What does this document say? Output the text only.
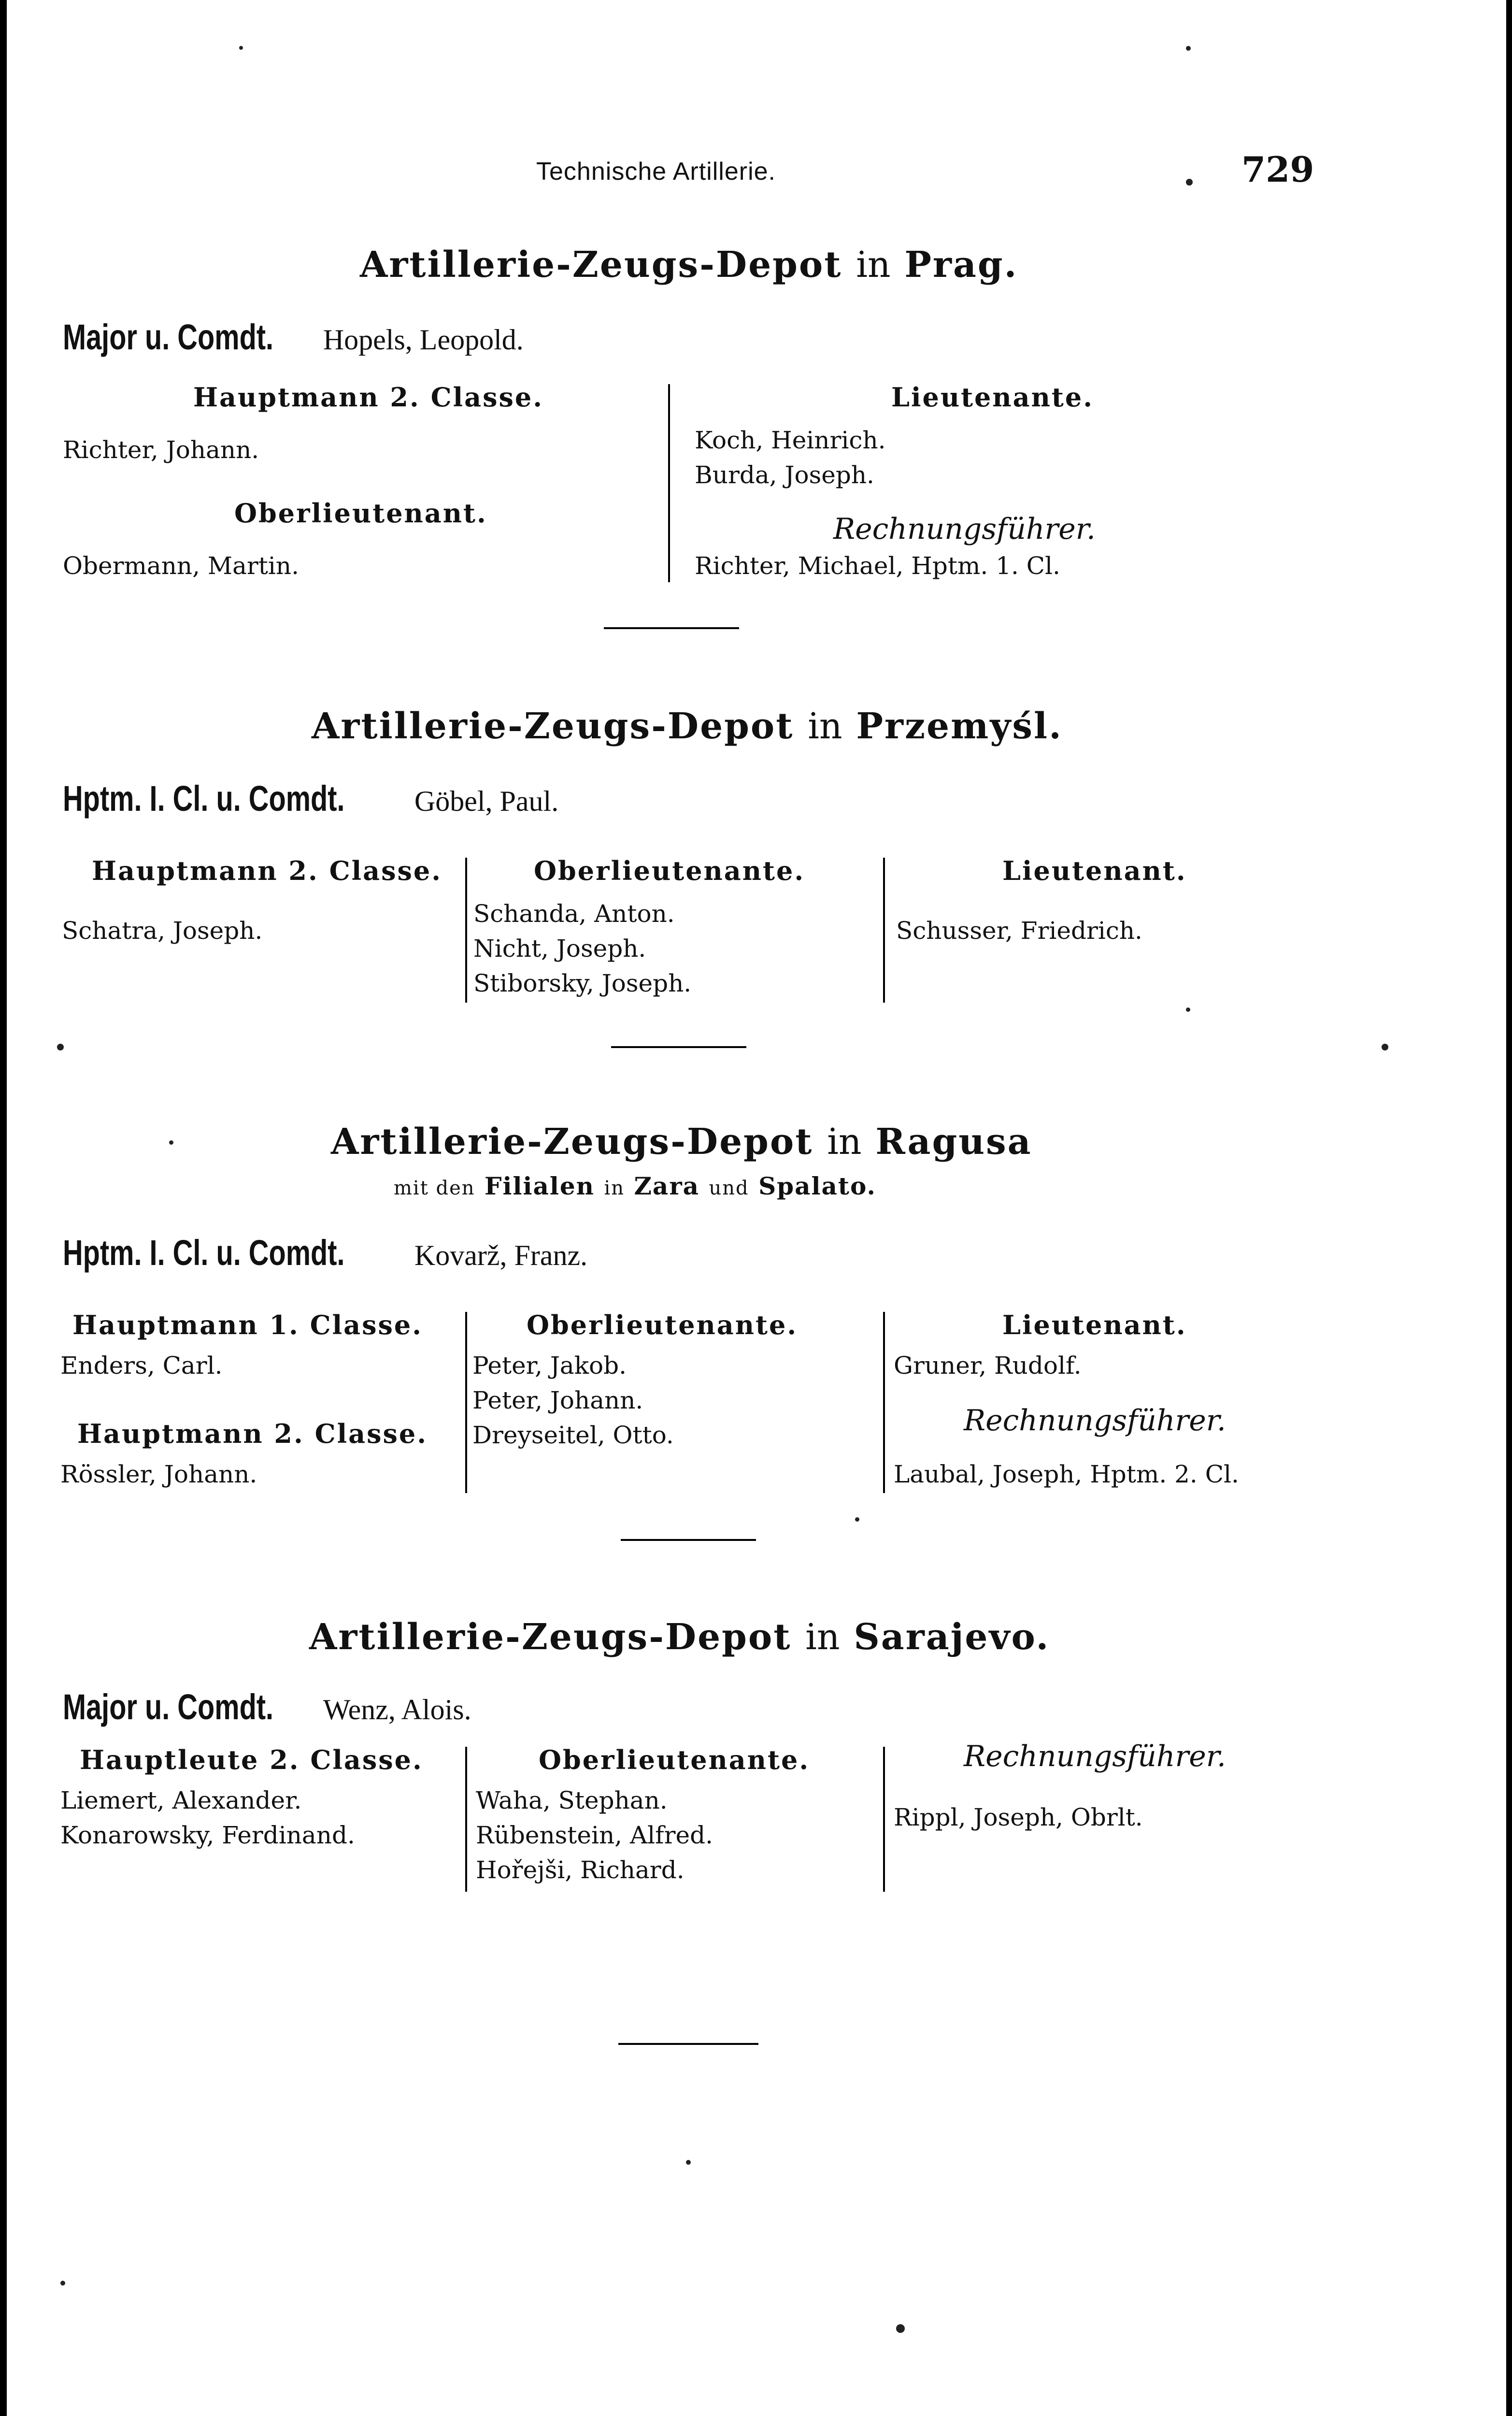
Technische Artillerie.	729
Artillerie-Zeugs-Depot in Prag.
Major u. Comdt. Hopels, Leopold.
Hauptmann 2. Classe.
Richter, Johann.
Oberlieutenant.
Obermann, Martin.
Lieutenante.
Koch, Heinrich.
Burda, Joseph.
Rechnungsführer.
Richter, Michael, Hptm. 1. Cl.
Artillerie-Zeugs-Depot in Przemyśl.
Hptm. I. Cl. u. Comdt. Göbel, Paul.
Hauptmann 2. Classe.
Schatra, Joseph.
Oberlieutenante.
Schanda, Anton.
Nicht, Joseph.
Stiborsky, Joseph.
Lieutenant.
Schusser, Friedrich.
Artillerie-Zeugs-Depot in Ragusa
mit den Filialen in Zara und Spalato.
Hptm. I. Cl. u. Comdt. Kovarž, Franz.
Hauptmann 1. Classe.
Enders, Carl.
Hauptmann 2. Classe.
Rössler, Johann.
Oberlieutenante.
Peter, Jakob.
Peter, Johann.
Dreyseitel, Otto.
Lieutenant.
Gruner, Rudolf.
Rechnungsführer.
Laubal, Joseph, Hptm. 2. Cl.
Artillerie-Zeugs-Depot in Sarajevo.
Major u. Comdt. Wenz, Alois.
Hauptleute 2. Classe.
Liemert, Alexander.
Konarowsky, Ferdinand.
Oberlieutenante.
Waha, Stephan.
Rübenstein, Alfred.
Hořejši, Richard.
Rechnungsführer.
Rippl, Joseph, Obrlt.
